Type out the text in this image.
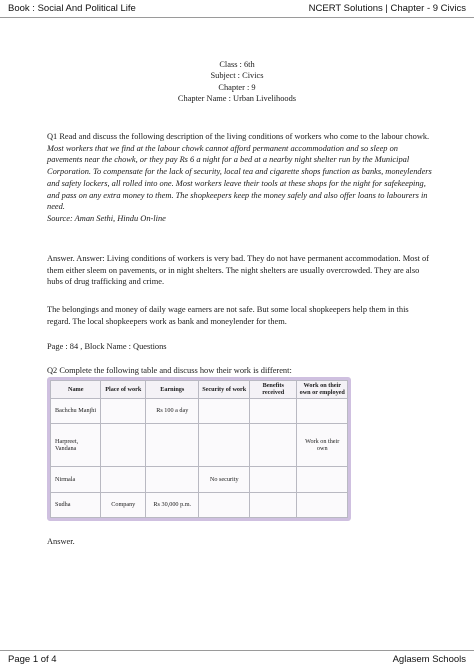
Book : Social And Political Life	NCERT Solutions | Chapter - 9 Civics
Class : 6th
Subject : Civics
Chapter : 9
Chapter Name : Urban Livelihoods
Q1 Read and discuss the following description of the living conditions of workers who come to the labour chowk.
Most workers that we find at the labour chowk cannot afford permanent accommodation and so sleep on pavements near the chowk, or they pay Rs 6 a night for a bed at a nearby night shelter run by the Municipal Corporation. To compensate for the lack of security, local tea and cigarette shops function as banks, moneylenders and safety lockers, all rolled into one. Most workers leave their tools at these shops for the night for safekeeping, and pass on any extra money to them. The shopkeepers keep the money safely and also offer loans to labourers in need.
Source: Aman Sethi, Hindu On-line
Answer. Answer: Living conditions of workers is very bad. They do not have permanent accommodation. Most of them either sleem on pavements, or in night shelters. The night shelters are usually overcrowded. They are also hubs of drug trafficking and crime.
The belongings and money of daily wage earners are not safe. But some local shopkeepers help them in this regard. The local shopkeepers work as bank and moneylender for them.
Page : 84 , Block Name : Questions
Q2 Complete the following table and discuss how their work is different:
Name	Place of work	Earnings	Security of work	Benefits received	Work on their own or employed
Bachchu Manjhi		Rs 100 a day			
Harpreet, Vandana					Work on their own
Nirmala			No security		
Sudha	Company	Rs 30,000 p.m.			
Answer.
Page 1 of 4	Aglasem Schools
